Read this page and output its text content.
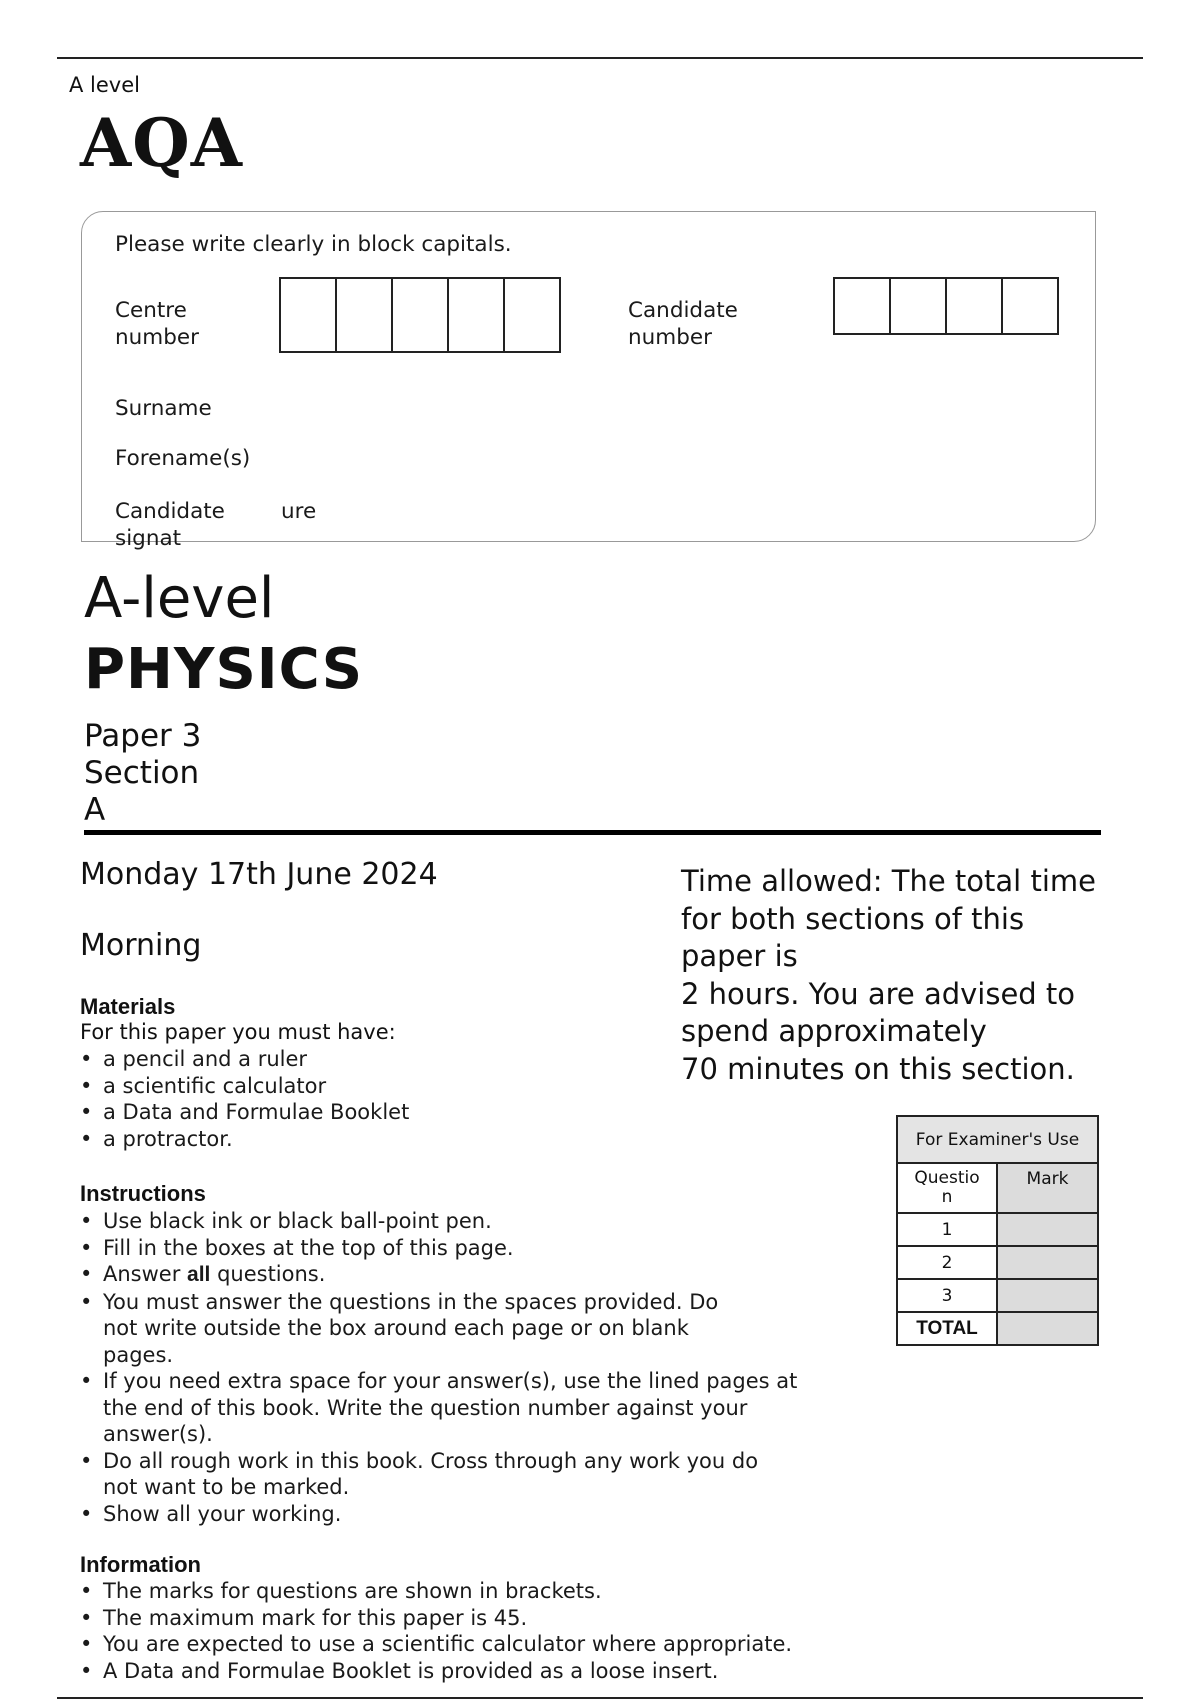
A level
AQA
Please write clearly in block capitals.
Centre
number
Candidate
number
Surname
Forename(s)
Candidate
signat
ure
A-level
PHYSICS
Paper 3
Section
A
Monday 17th June 2024
Morning
Time allowed: The total time
for both sections of this
paper is
2 hours. You are advised to
spend approximately
70 minutes on this section.
Materials
For this paper you must have:
• a pencil and a ruler
• a scientific calculator
• a Data and Formulae Booklet
• a protractor.
Instructions
• Use black ink or black ball-point pen.
• Fill in the boxes at the top of this page.
• Answer all questions.
• You must answer the questions in the spaces provided. Do
not write outside the box around each page or on blank
pages.
• If you need extra space for your answer(s), use the lined pages at
the end of this book. Write the question number against your
answer(s).
• Do all rough work in this book. Cross through any work you do
not want to be marked.
• Show all your working.
Information
• The marks for questions are shown in brackets.
• The maximum mark for this paper is 45.
• You are expected to use a scientific calculator where appropriate.
• A Data and Formulae Booklet is provided as a loose insert.
For Examiner's Use	

Questio
n	Mark
1	
2	
3	
TOTAL	
